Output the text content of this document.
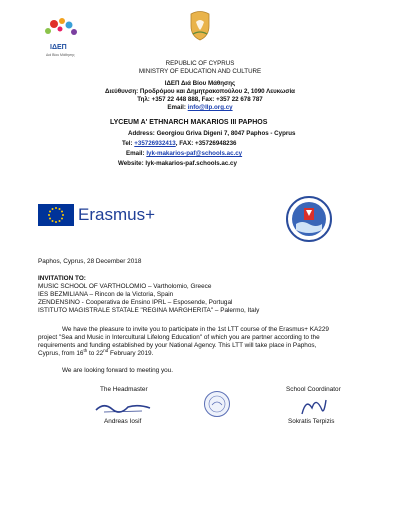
ΙΔΕΠ
Διά Βίου Μάθησης
REPUBLIC OF CYPRUS
MINISTRY OF EDUCATION AND CULTURE
ΙΔΕΠ Διά Βίου Μάθησης
Διεύθυνση: Προδρόμου και Δημητρακοπούλου 2, 1090 Λευκωσία
Τηλ: +357 22 448 888, Fax: +357 22 678 787
Email: info@llp.org.cy
LYCEUM A' ETHNARCH MAKARIOS III PAPHOS
Address: Georgiou Griva Digeni 7, 8047 Paphos - Cyprus
Tel: +35726932413, FAX: +35726948236
Email: lyk-makarios-paf@schools.ac.cy
Website: lyk-makarios-paf.schools.ac.cy
Erasmus+
Paphos, Cyprus, 28 December 2018
INVITATION TO:
MUSIC SCHOOL OF VARTHOLOMIO – Vartholomio, Greece
IES BEZMILIANA – Rincon de la Victoria, Spain
ZENDENSINO - Cooperativa de Ensino IPRL – Esposende, Portugal
ISTITUTO MAGISTRALE STATALE "REGINA MARGHERITA" – Palermo, Italy
We have the pleasure to invite you to participate in the 1st LTT course of the Erasmus+ KA229
project "Sea and Music in Intercultural Lifelong Education" of which you are partner according to the
requirements and funding established by your National Agency. This LTT will take place in Paphos,
Cyprus, from 16th to 22nd February 2019.
We are looking forward to meeting you.
The Headmaster	School Coordinator
Andreas Iosif	Sokratis Terpizis
